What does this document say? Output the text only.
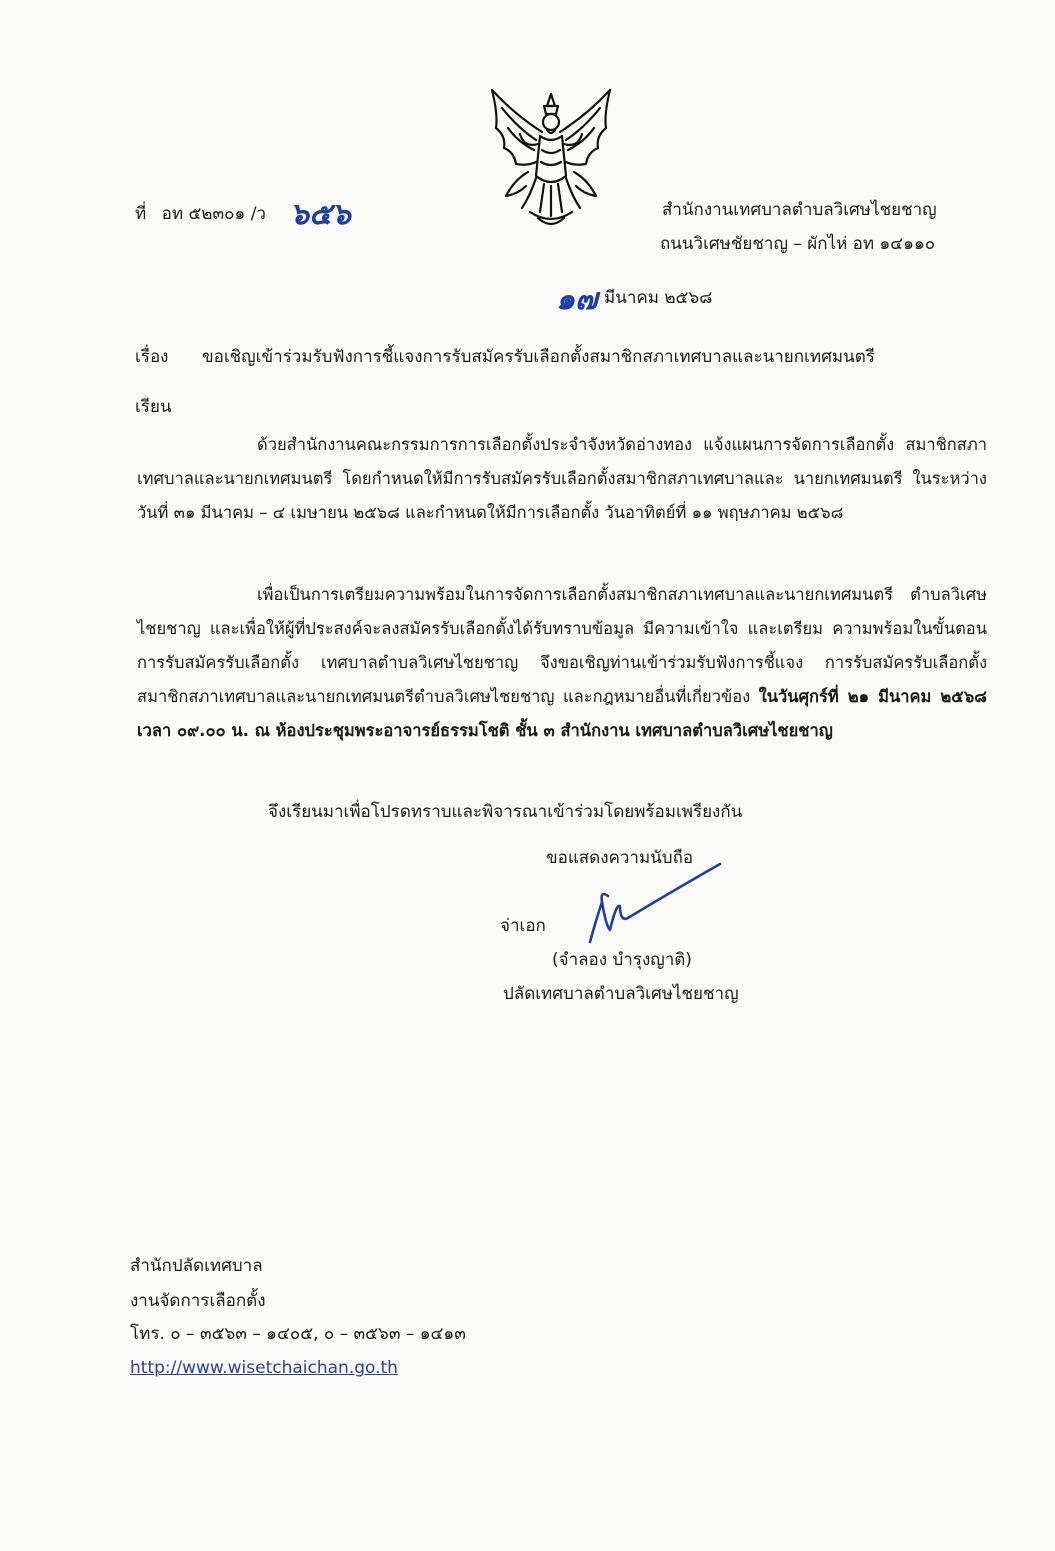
ที่ อท ๕๒๓๐๑ /ว ๖๕๖	สำนักงานเทศบาลตำบลวิเศษไชยชาญ
ถนนวิเศษชัยชาญ – ผักไห่ อท ๑๔๑๑๐
๑๗ มีนาคม ๒๕๖๘
เรื่อง ขอเชิญเข้าร่วมรับฟังการชี้แจงการรับสมัครรับเลือกตั้งสมาชิกสภาเทศบาลและนายกเทศมนตรี
เรียน
ด้วยสำนักงานคณะกรรมการการเลือกตั้งประจำจังหวัดอ่างทอง แจ้งแผนการจัดการเลือกตั้ง สมาชิกสภาเทศบาลและนายกเทศมนตรี โดยกำหนดให้มีการรับสมัครรับเลือกตั้งสมาชิกสภาเทศบาลและ นายกเทศมนตรี ในระหว่างวันที่ ๓๑ มีนาคม – ๔ เมษายน ๒๕๖๘ และกำหนดให้มีการเลือกตั้ง วันอาทิตย์ที่ ๑๑ พฤษภาคม ๒๕๖๘
เพื่อเป็นการเตรียมความพร้อมในการจัดการเลือกตั้งสมาชิกสภาเทศบาลและนายกเทศมนตรี ตำบลวิเศษไชยชาญ และเพื่อให้ผู้ที่ประสงค์จะลงสมัครรับเลือกตั้งได้รับทราบข้อมูล มีความเข้าใจ และเตรียม ความพร้อมในขั้นตอนการรับสมัครรับเลือกตั้ง เทศบาลตำบลวิเศษไชยชาญ จึงขอเชิญท่านเข้าร่วมรับฟังการชี้แจง การรับสมัครรับเลือกตั้งสมาชิกสภาเทศบาลและนายกเทศมนตรีตำบลวิเศษไชยชาญ และกฎหมายอื่นที่เกี่ยวข้อง ในวันศุกร์ที่ ๒๑ มีนาคม ๒๕๖๘ เวลา ๐๙.๐๐ น. ณ ห้องประชุมพระอาจารย์ธรรมโชติ ชั้น ๓ สำนักงาน เทศบาลตำบลวิเศษไชยชาญ
จึงเรียนมาเพื่อโปรดทราบและพิจารณาเข้าร่วมโดยพร้อมเพรียงกัน
ขอแสดงความนับถือ
จ่าเอก
(จำลอง บำรุงญาติ)
ปลัดเทศบาลตำบลวิเศษไชยชาญ
สำนักปลัดเทศบาล
งานจัดการเลือกตั้ง
โทร. ๐ – ๓๕๖๓ – ๑๔๐๕, ๐ – ๓๕๖๓ – ๑๔๑๓
http://www.wisetchaichan.go.th
